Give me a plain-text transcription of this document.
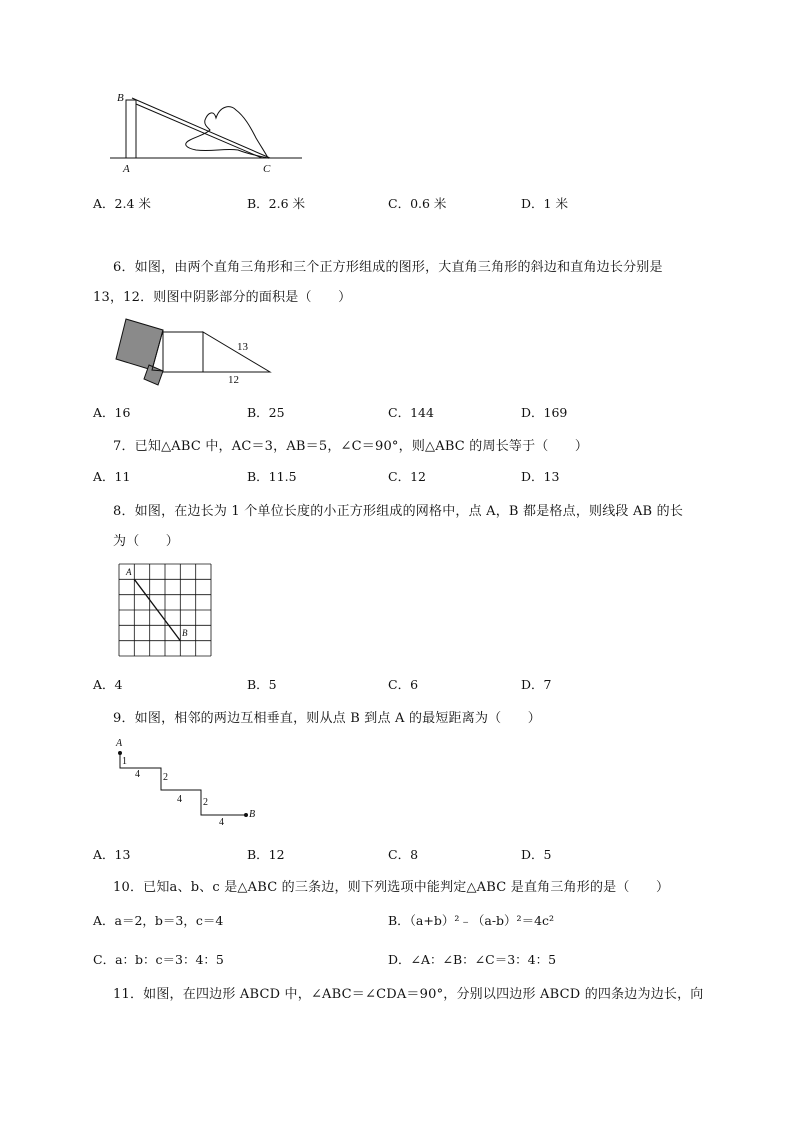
B
A	C
A．2.4 米	B．2.6 米	C．0.6 米	D．1 米
6．如图，由两个直角三角形和三个正方形组成的图形，大直角三角形的斜边和直角边长分别是
13，12．则图中阴影部分的面积是（　　）
13
12
A．16	B．25	C．144	D．169
7．已知△ABC 中，AC＝3，AB＝5，∠C＝90°，则△ABC 的周长等于（　　）
A．11	B．11.5	C．12	D．13
8．如图，在边长为 1 个单位长度的小正方形组成的网格中，点 A，B 都是格点，则线段 AB 的长
为（　　）
A
B
A．4	B．5	C．6	D．7
9．如图，相邻的两边互相垂直，则从点 B 到点 A 的最短距离为（　　）
A
B
1
4 2
4 2
4
A．13	B．12	C．8	D．5
10．已知a、b、c 是△ABC 的三条边，则下列选项中能判定△ABC 是直角三角形的是（　　）
A．a＝2，b＝3，c＝4	B．（a+b）²﹣（a-b）²＝4c²
C．a：b：c＝3：4：5	D．∠A：∠B：∠C＝3：4：5
11．如图，在四边形 ABCD 中，∠ABC＝∠CDA＝90°，分别以四边形 ABCD 的四条边为边长，向
